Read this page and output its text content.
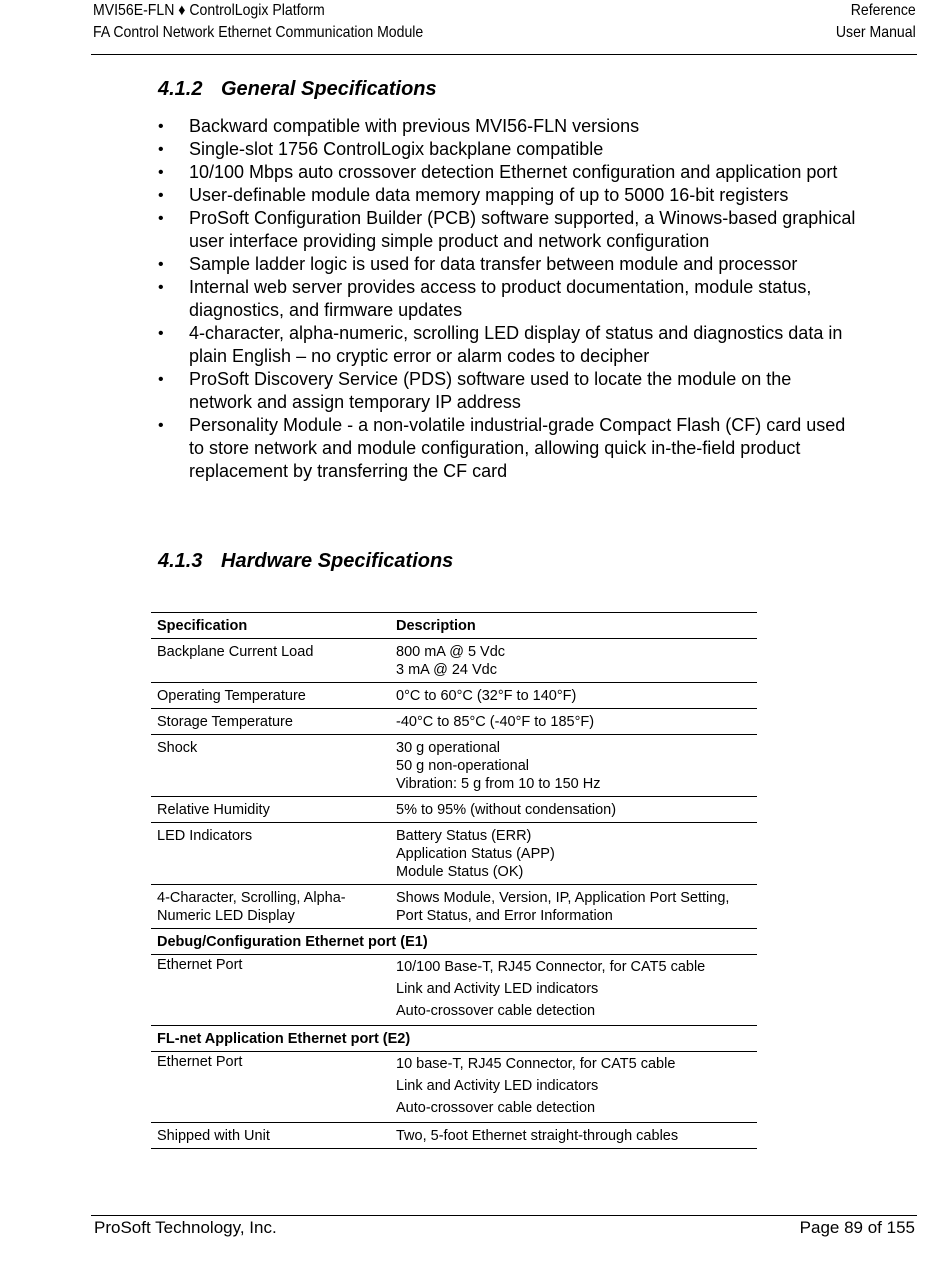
MVI56E-FLN ♦ ControlLogix Platform
FA Control Network Ethernet Communication Module
Reference
User Manual
4.1.2 General Specifications
• Backward compatible with previous MVI56-FLN versions
• Single-slot 1756 ControlLogix backplane compatible
• 10/100 Mbps auto crossover detection Ethernet configuration and application port
• User-definable module data memory mapping of up to 5000 16-bit registers
• ProSoft Configuration Builder (PCB) software supported, a Winows-based graphical user interface providing simple product and network configuration
• Sample ladder logic is used for data transfer between module and processor
• Internal web server provides access to product documentation, module status, diagnostics, and firmware updates
• 4-character, alpha-numeric, scrolling LED display of status and diagnostics data in plain English – no cryptic error or alarm codes to decipher
• ProSoft Discovery Service (PDS) software used to locate the module on the network and assign temporary IP address
• Personality Module - a non-volatile industrial-grade Compact Flash (CF) card used to store network and module configuration, allowing quick in-the-field product replacement by transferring the CF card
4.1.3 Hardware Specifications
Specification	Description
Backplane Current Load	800 mA @ 5 Vdc
3 mA @ 24 Vdc

Operating Temperature	0°C to 60°C (32°F to 140°F)

Storage Temperature	-40°C to 85°C (-40°F to 185°F)

Shock	30 g operational
50 g non-operational
Vibration: 5 g from 10 to 150 Hz

Relative Humidity	5% to 95% (without condensation)

LED Indicators	Battery Status (ERR)
Application Status (APP)
Module Status (OK)

4-Character, Scrolling, Alpha-Numeric LED Display	Shows Module, Version, IP, Application Port Setting, Port Status, and Error Information

Debug/Configuration Ethernet port (E1)	
Ethernet Port	10/100 Base-T, RJ45 Connector, for CAT5 cable
Link and Activity LED indicators
Auto-crossover cable detection

FL-net Application Ethernet port (E2)	
Ethernet Port	10 base-T, RJ45 Connector, for CAT5 cable
Link and Activity LED indicators
Auto-crossover cable detection

Shipped with Unit	Two, 5-foot Ethernet straight-through cables
ProSoft Technology, Inc.	Page 89 of 155
